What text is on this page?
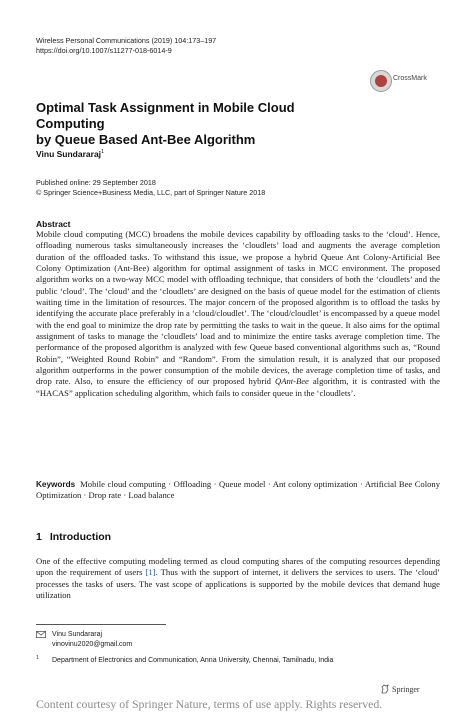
Wireless Personal Communications (2019) 104:173–197
https://doi.org/10.1007/s11277-018-6014-9
CrossMark
Optimal Task Assignment in Mobile Cloud Computing
by Queue Based Ant-Bee Algorithm
Vinu Sundararaj$^1$
Published online: 29 September 2018
© Springer Science+Business Media, LLC, part of Springer Nature 2018
Abstract
Mobile cloud computing (MCC) broadens the mobile devices capability by offloading tasks to the ‘cloud’. Hence, offloading numerous tasks simultaneously increases the ‘cloudlets’ load and augments the average completion duration of the offloaded tasks. To withstand this issue, we propose a hybrid Queue Ant Colony-Artificial Bee Colony Optimization (Ant-Bee) algorithm for optimal assignment of tasks in MCC environment. The proposed algorithm works on a two-way MCC model with offloading technique, that considers of both the ‘cloudlets’ and the public ‘cloud’. The ‘cloud’ and the ‘cloudlets’ are designed on the basis of queue model for the estimation of clients waiting time in the limitation of resources. The major concern of the proposed algorithm is to offload the tasks by identifying the accurate place preferably in a ‘cloud/cloudlet’. The ‘cloud/cloudlet’ is encompassed by a queue model with the end goal to minimize the drop rate by permitting the tasks to wait in the queue. It also aims for the optimal assignment of tasks to manage the ‘cloudlets’ load and to minimize the entire tasks average completion time. The performance of the proposed algorithm is analyzed with few Queue based conventional algorithms such as, “Round Robin”, “Weighted Round Robin” and “Random”. From the simulation result, it is analyzed that our proposed algorithm outperforms in the power consumption of the mobile devices, the average completion time of tasks, and drop rate. Also, to ensure the efficiency of our proposed hybrid QAnt-Bee algorithm, it is contrasted with the “HACAS” application scheduling algorithm, which fails to consider queue in the ‘cloudlets’.
Keywords Mobile cloud computing · Offloading · Queue model · Ant colony optimization · Artificial Bee Colony Optimization · Drop rate · Load balance
1 Introduction
One of the effective computing modeling termed as cloud computing shares of the computing resources depending upon the requirement of users [1]. Thus with the support of internet, it delivers the services to users. The ‘cloud’ processes the tasks of users. The vast scope of applications is supported by the mobile devices that demand huge utilization
Vinu Sundararaj
vinovinu2020@gmail.com
1 Department of Electronics and Communication, Anna University, Chennai, Tamilnadu, India
Springer
Content courtesy of Springer Nature, terms of use apply. Rights reserved.
